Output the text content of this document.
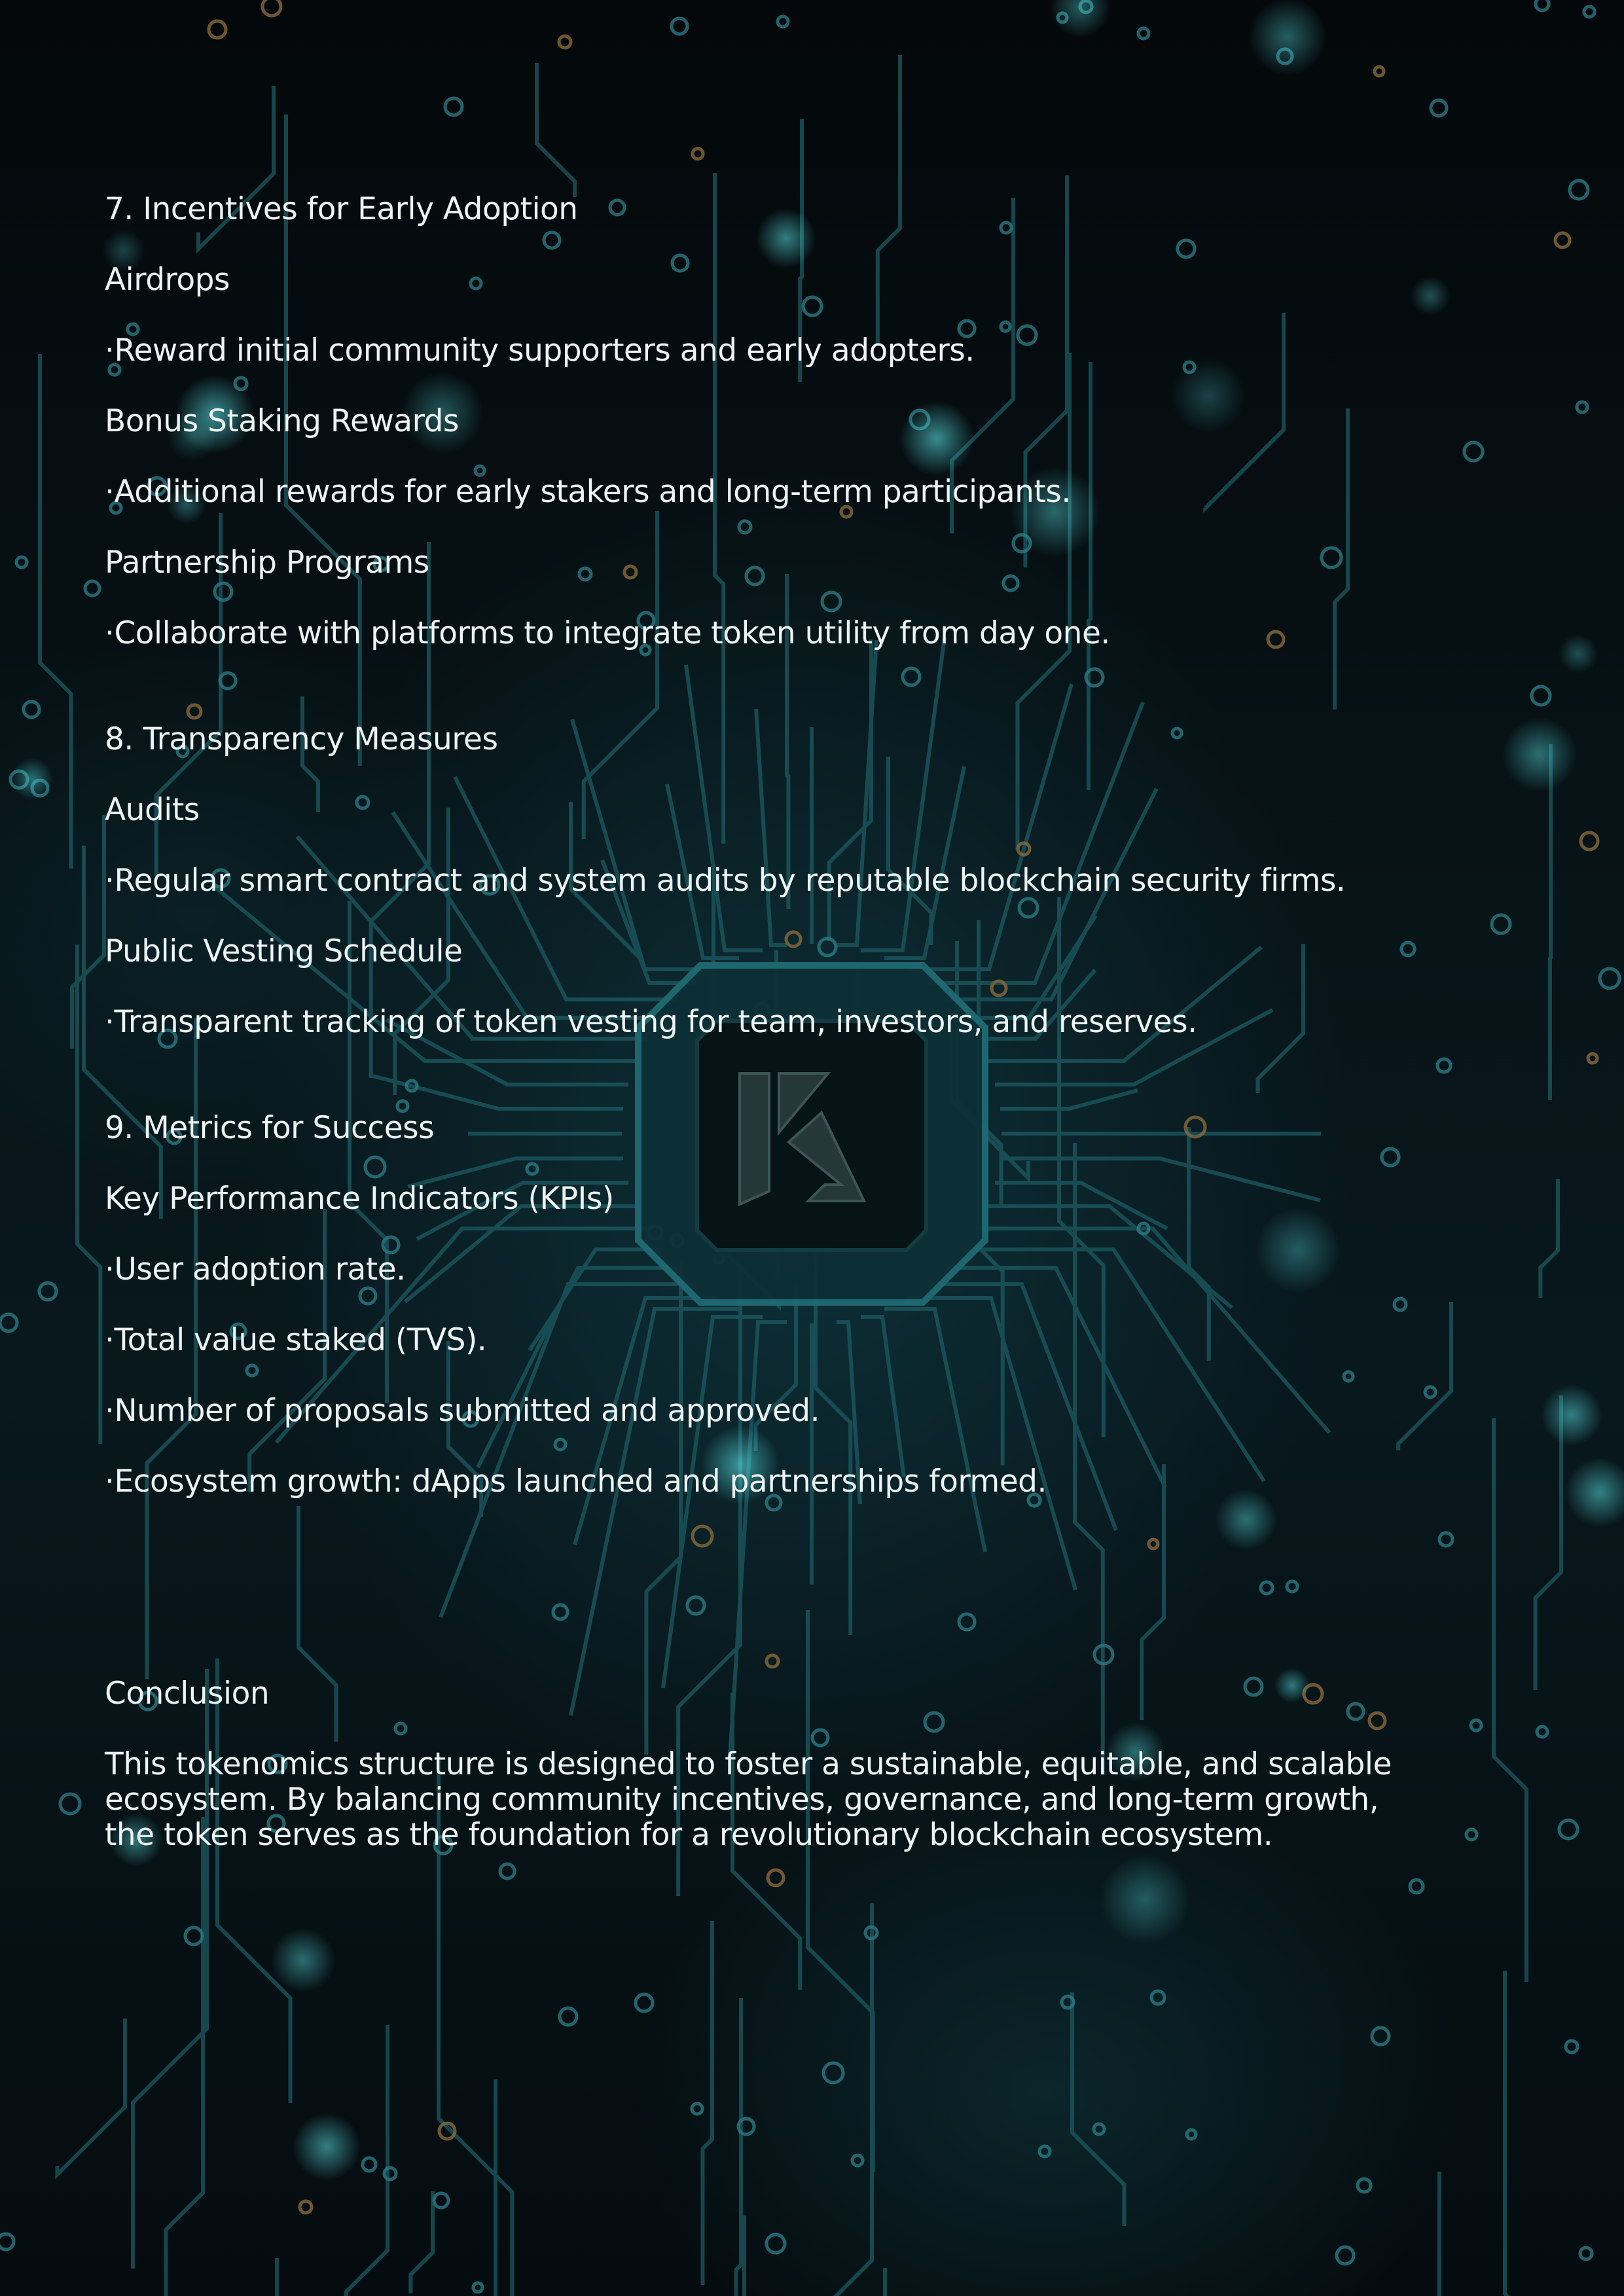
7. Incentives for Early Adoption
Airdrops
·Reward initial community supporters and early adopters.
Bonus Staking Rewards
·Additional rewards for early stakers and long-term participants.
Partnership Programs
·Collaborate with platforms to integrate token utility from day one.
8. Transparency Measures
Audits
·Regular smart contract and system audits by reputable blockchain security firms.
Public Vesting Schedule
·Transparent tracking of token vesting for team, investors, and reserves.
9. Metrics for Success
Key Performance Indicators (KPIs)
·User adoption rate.
·Total value staked (TVS).
·Number of proposals submitted and approved.
·Ecosystem growth: dApps launched and partnerships formed.
Conclusion
This tokenomics structure is designed to foster a sustainable, equitable, and scalable
ecosystem. By balancing community incentives, governance, and long-term growth,
the token serves as the foundation for a revolutionary blockchain ecosystem.
